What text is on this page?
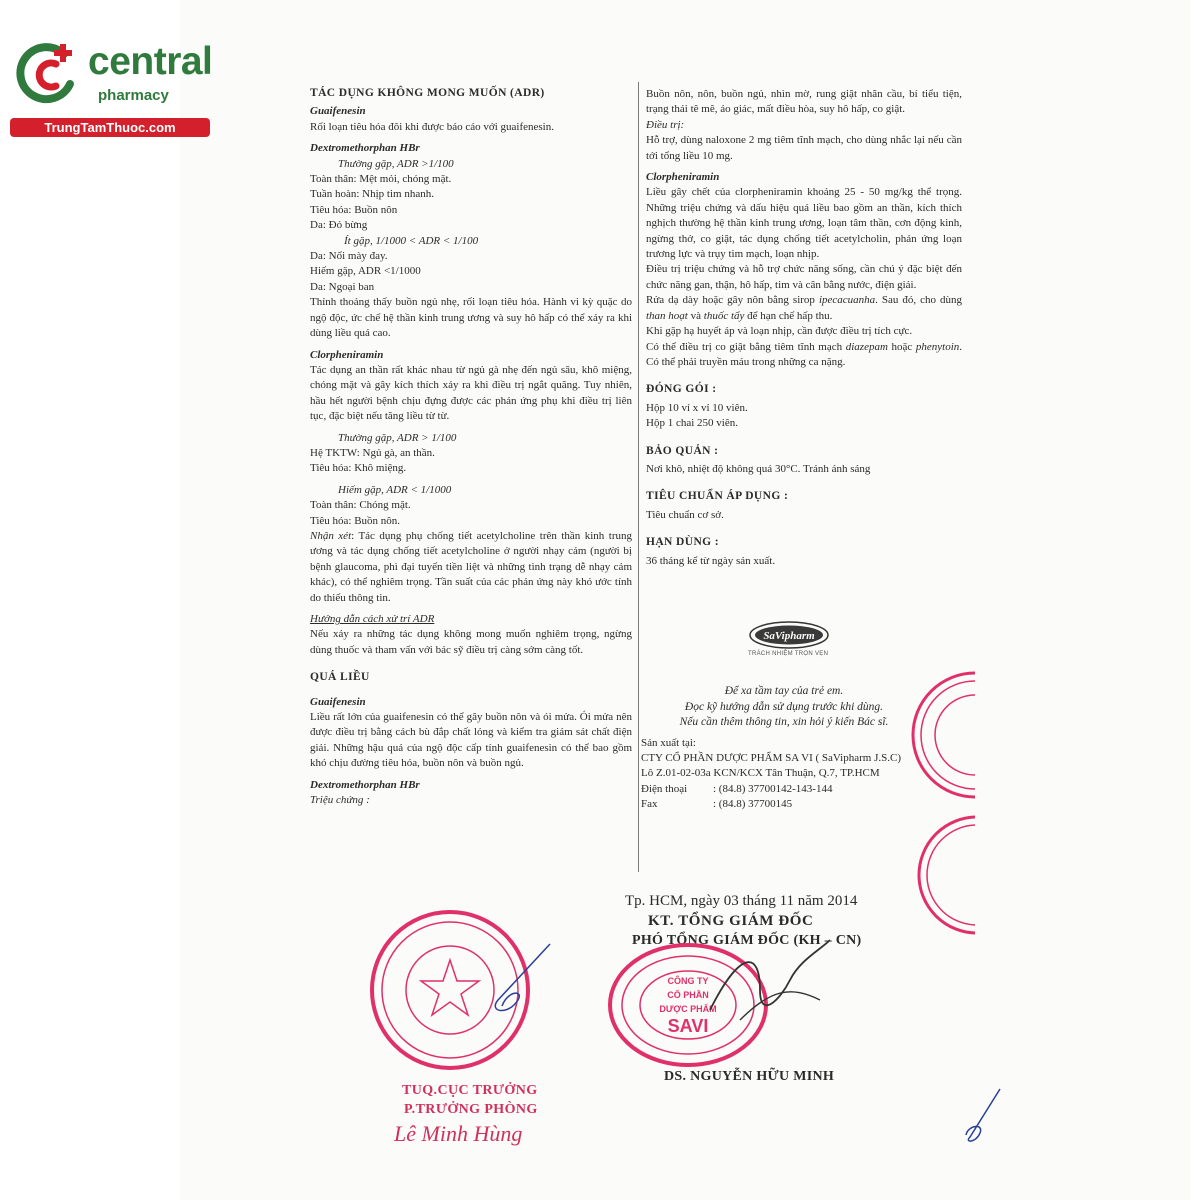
central
pharmacy
TrungTamThuoc.com

TÁC DỤNG KHÔNG MONG MUỐN (ADR)

Guaifenesin

Rối loạn tiêu hóa đôi khi được báo cáo với guaifenesin.

Dextromethorphan HBr

Thường gặp, ADR >1/100

Toàn thân: Mệt mỏi, chóng mặt.

Tuần hoàn: Nhịp tim nhanh.

Tiêu hóa: Buồn nôn

Da: Đỏ bừng

Ít gặp, 1/1000 < ADR < 1/100

Da: Nổi mày đay.

Hiếm gặp, ADR <1/1000

Da: Ngoại ban

Thỉnh thoảng thấy buồn ngủ nhẹ, rối loạn tiêu hóa. Hành vi kỳ quặc do ngộ độc, ức chế hệ thần kinh trung ương và suy hô hấp có thể xảy ra khi dùng liều quá cao.

Clorpheniramin

Tác dụng an thần rất khác nhau từ ngủ gà nhẹ đến ngủ sâu, khô miệng, chóng mặt và gây kích thích xảy ra khi điều trị ngắt quãng. Tuy nhiên, hầu hết người bệnh chịu đựng được các phản ứng phụ khi điều trị liên tục, đặc biệt nếu tăng liều từ từ.

Thường gặp, ADR > 1/100

Hệ TKTW: Ngủ gà, an thần.

Tiêu hóa: Khô miệng.

Hiếm gặp, ADR < 1/1000

Toàn thân: Chóng mặt.

Tiêu hóa: Buồn nôn.

Nhận xét: Tác dụng phụ chống tiết acetylcholine trên thần kinh trung ương và tác dụng chống tiết acetylcholine ở người nhạy cảm (người bị bệnh glaucoma, phì đại tuyến tiền liệt và những tình trạng dễ nhạy cảm khác), có thể nghiêm trọng. Tần suất của các phản ứng này khó ước tính do thiếu thông tin.

Hướng dẫn cách xử trí ADR

Nếu xảy ra những tác dụng không mong muốn nghiêm trọng, ngừng dùng thuốc và tham vấn với bác sỹ điều trị càng sớm càng tốt.

QUÁ LIỀU

Guaifenesin

Liều rất lớn của guaifenesin có thể gây buồn nôn và ói mửa. Ói mửa nên được điều trị bằng cách bù đắp chất lỏng và kiểm tra giám sát chất điện giải. Những hậu quả của ngộ độc cấp tính guaifenesin có thể bao gồm khó chịu đường tiêu hóa, buồn nôn và buồn ngủ.

Dextromethorphan HBr

Triệu chứng :

Buồn nôn, nôn, buồn ngủ, nhìn mờ, rung giật nhãn cầu, bí tiểu tiện, trạng thái tê mê, ảo giác, mất điều hòa, suy hô hấp, co giật.

Điều trị:

Hỗ trợ, dùng naloxone 2 mg tiêm tĩnh mạch, cho dùng nhắc lại nếu cần tới tổng liều 10 mg.

Clorpheniramin

Liều gây chết của clorpheniramin khoảng 25 - 50 mg/kg thể trọng. Những triệu chứng và dấu hiệu quá liều bao gồm an thần, kích thích nghịch thường hệ thần kinh trung ương, loạn tâm thần, cơn động kinh, ngừng thở, co giật, tác dụng chống tiết acetylcholin, phản ứng loạn trương lực và trụy tim mạch, loạn nhịp.

Điều trị triệu chứng và hỗ trợ chức năng sống, cần chú ý đặc biệt đến chức năng gan, thận, hô hấp, tim và cân bằng nước, điện giải.

Rửa dạ dày hoặc gây nôn bằng sirop ipecacuanha. Sau đó, cho dùng than hoạt và thuốc tẩy để hạn chế hấp thu.

Khi gặp hạ huyết áp và loạn nhịp, cần được điều trị tích cực.

Có thể điều trị co giật bằng tiêm tĩnh mạch diazepam hoặc phenytoin. Có thể phải truyền máu trong những ca nặng.

ĐÓNG GÓI :

Hộp 10 vỉ x vỉ 10 viên.

Hộp 1 chai 250 viên.

BẢO QUẢN :

Nơi khô, nhiệt độ không quá 30°C. Tránh ánh sáng

TIÊU CHUẨN ÁP DỤNG :

Tiêu chuẩn cơ sở.

HẠN DÙNG :

36 tháng kể từ ngày sản xuất.

SaVipharm
TRÁCH NHIỆM TRỌN VẸN

Để xa tầm tay của trẻ em.

Đọc kỹ hướng dẫn sử dụng trước khi dùng.

Nếu cần thêm thông tin, xin hỏi ý kiến Bác sĩ.

Sản xuất tại:

CTY CỔ PHẦN DƯỢC PHẨM SA VI ( SaVipharm J.S.C)

Lô Z.01-02-03a KCN/KCX Tân Thuận, Q.7, TP.HCM

Điện thoại	: (84.8) 37700142-143-144
Fax	: (84.8) 37700145
Tp. HCM, ngày 03 tháng 11 năm 2014
KT. TỔNG GIÁM ĐỐC
PHÓ TỔNG GIÁM ĐỐC (KH – CN)
CÔNG TY
CỔ PHẦN
DƯỢC PHẨM
SAVI
DS. NGUYỄN HỮU MINH
TUQ.CỤC TRƯỞNG
P.TRƯỞNG PHÒNG
Lê Minh Hùng
